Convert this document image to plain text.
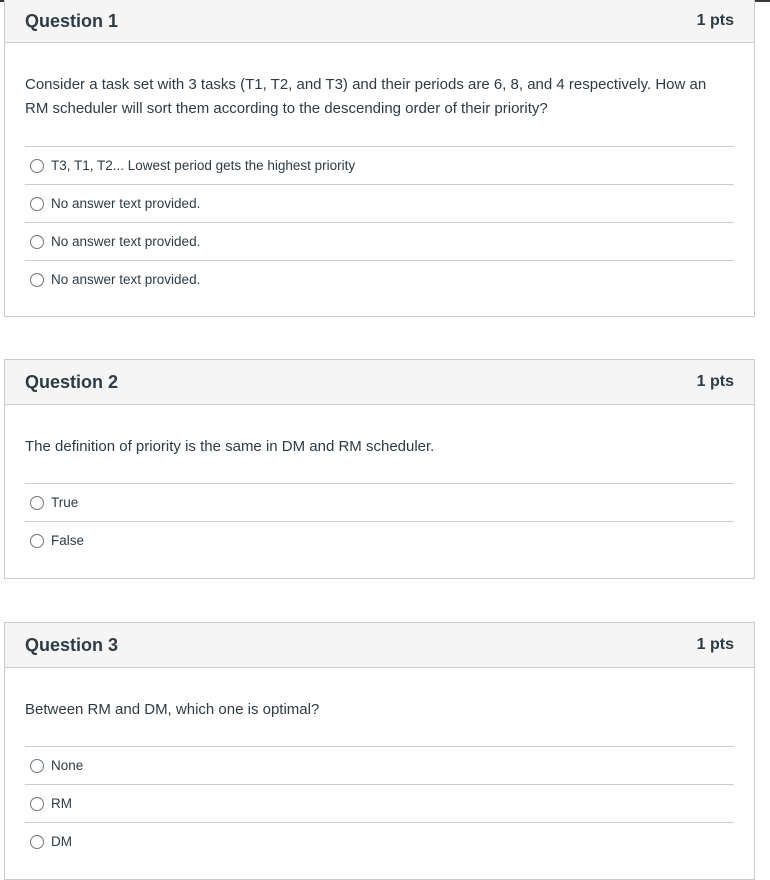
Question 1	1 pts
Consider a task set with 3 tasks (T1, T2, and T3) and their periods are 6, 8, and 4 respectively. How an RM scheduler will sort them according to the descending order of their priority?
T3, T1, T2... Lowest period gets the highest priority
No answer text provided.
No answer text provided.
No answer text provided.
Question 2	1 pts
The definition of priority is the same in DM and RM scheduler.
True
False
Question 3	1 pts
Between RM and DM, which one is optimal?
None
RM
DM
